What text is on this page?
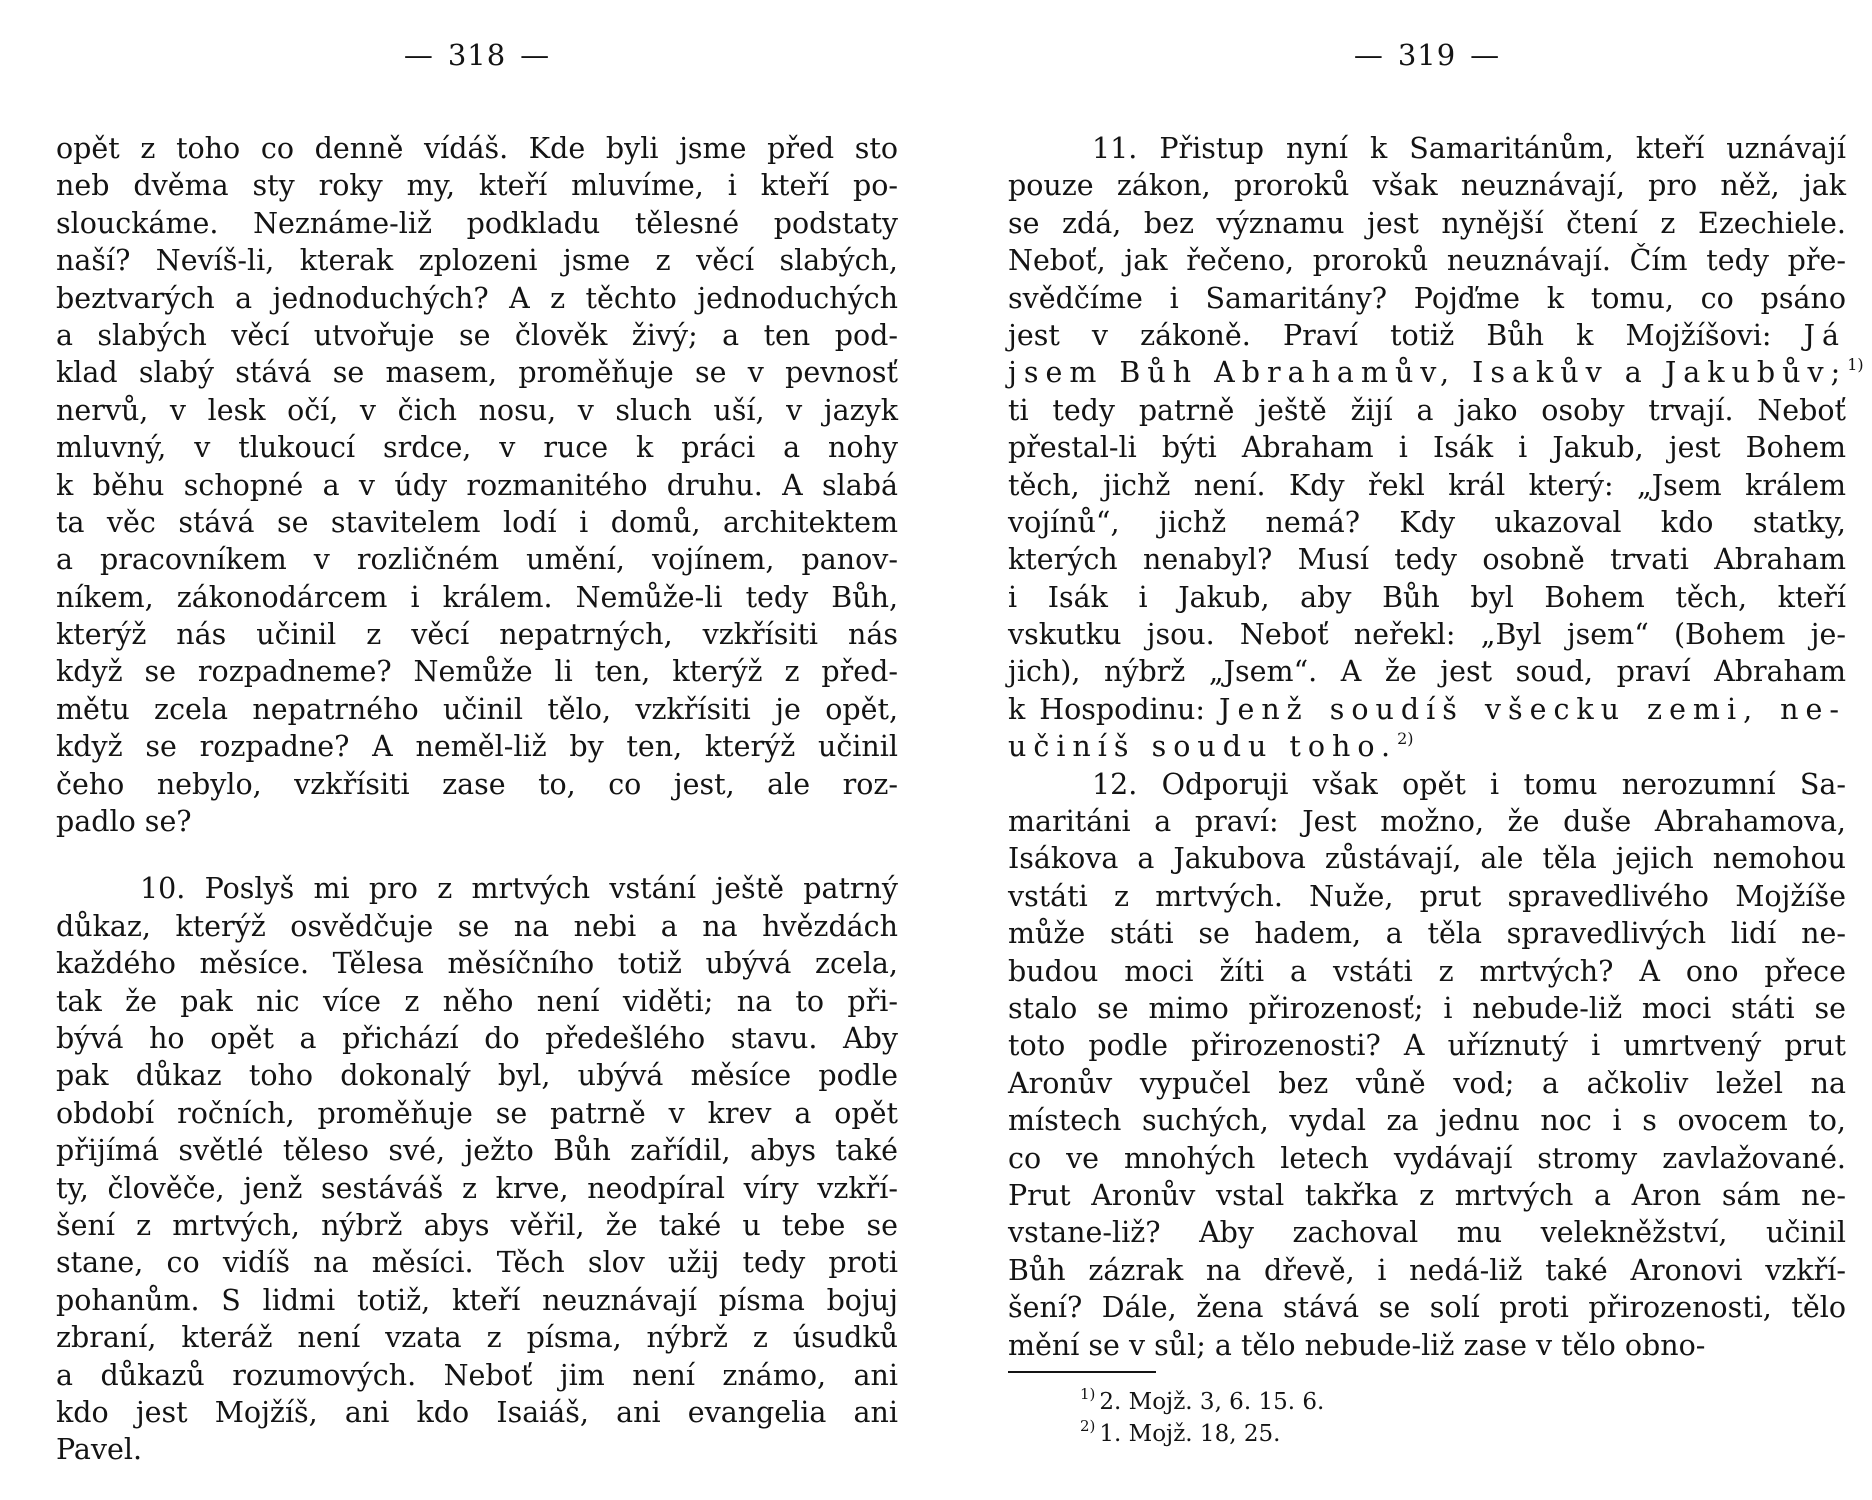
— 318 —
opět z toho co denně vídáš. Kde byli jsme před sto
neb dvěma sty roky my, kteří mluvíme, i kteří po-
slouckáme. Neznáme-liž podkladu tělesné podstaty
naší? Nevíš-li, kterak zplozeni jsme z věcí slabých,
beztvarých a jednoduchých? A z těchto jednoduchých
a slabých věcí utvořuje se člověk živý; a ten pod-
klad slabý stává se masem, proměňuje se v pevnosť
nervů, v lesk očí, v čich nosu, v sluch uší, v jazyk
mluvný, v tlukoucí srdce, v ruce k práci a nohy
k běhu schopné a v údy rozmanitého druhu. A slabá
ta věc stává se stavitelem lodí i domů, architektem
a pracovníkem v rozličném umění, vojínem, panov-
níkem, zákonodárcem i králem. Nemůže-li tedy Bůh,
kterýž nás učinil z věcí nepatrných, vzkřísiti nás
když se rozpadneme? Nemůže li ten, kterýž z před-
mětu zcela nepatrného učinil tělo, vzkřísiti je opět,
když se rozpadne? A neměl-liž by ten, kterýž učinil
čeho nebylo, vzkřísiti zase to, co jest, ale roz-
padlo se?
10. Poslyš mi pro z mrtvých vstání ještě patrný
důkaz, kterýž osvědčuje se na nebi a na hvězdách
každého měsíce. Tělesa měsíčního totiž ubývá zcela,
tak že pak nic více z něho není viděti; na to při-
bývá ho opět a přichází do předešlého stavu. Aby
pak důkaz toho dokonalý byl, ubývá měsíce podle
období ročních, proměňuje se patrně v krev a opět
přijímá světlé těleso své, ježto Bůh zařídil, abys také
ty, člověče, jenž sestáváš z krve, neodpíral víry vzkří-
šení z mrtvých, nýbrž abys věřil, že také u tebe se
stane, co vidíš na měsíci. Těch slov užij tedy proti
pohanům. S lidmi totiž, kteří neuznávají písma bojuj
zbraní, kteráž není vzata z písma, nýbrž z úsudků
a důkazů rozumových. Neboť jim není známo, ani
kdo jest Mojžíš, ani kdo Isaiáš, ani evangelia ani
Pavel.
— 319 —
11. Přistup nyní k Samaritánům, kteří uznávají
pouze zákon, proroků však neuznávají, pro něž, jak
se zdá, bez významu jest nynější čtení z Ezechiele.
Neboť, jak řečeno, proroků neuznávají. Čím tedy pře-
svědčíme i Samaritány? Pojďme k tomu, co psáno
jest v zákoně. Praví totiž Bůh k Mojžíšovi: Já
jsem Bůh Abrahamův, Isakův a Jakubův;$^{1)}$
ti tedy patrně ještě žijí a jako osoby trvají. Neboť
přestal-li býti Abraham i Isák i Jakub, jest Bohem
těch, jichž není. Kdy řekl král který: „Jsem králem
vojínů“, jichž nemá? Kdy ukazoval kdo statky,
kterých nenabyl? Musí tedy osobně trvati Abraham
i Isák i Jakub, aby Bůh byl Bohem těch, kteří
vskutku jsou. Neboť neřekl: „Byl jsem“ (Bohem je-
jich), nýbrž „Jsem“. A že jest soud, praví Abraham
k Hospodinu: Jenž soudíš všecku zemi, ne-
učiníš soudu toho.$^{2)}$
12. Odporuji však opět i tomu nerozumní Sa-
maritáni a praví: Jest možno, že duše Abrahamova,
Isákova a Jakubova zůstávají, ale těla jejich nemohou
vstáti z mrtvých. Nuže, prut spravedlivého Mojžíše
může státi se hadem, a těla spravedlivých lidí ne-
budou moci žíti a vstáti z mrtvých? A ono přece
stalo se mimo přirozenosť; i nebude-liž moci státi se
toto podle přirozenosti? A uříznutý i umrtvený prut
Aronův vypučel bez vůně vod; a ačkoliv ležel na
místech suchých, vydal za jednu noc i s ovocem to,
co ve mnohých letech vydávají stromy zavlažované.
Prut Aronův vstal takřka z mrtvých a Aron sám ne-
vstane-liž? Aby zachoval mu velekněžství, učinil
Bůh zázrak na dřevě, i nedá-liž také Aronovi vzkří-
šení? Dále, žena stává se solí proti přirozenosti, tělo
mění se v sůl; a tělo nebude-liž zase v tělo obno-
$^{1)}$ 2. Mojž. 3, 6. 15. 6.
$^{2)}$ 1. Mojž. 18, 25.
